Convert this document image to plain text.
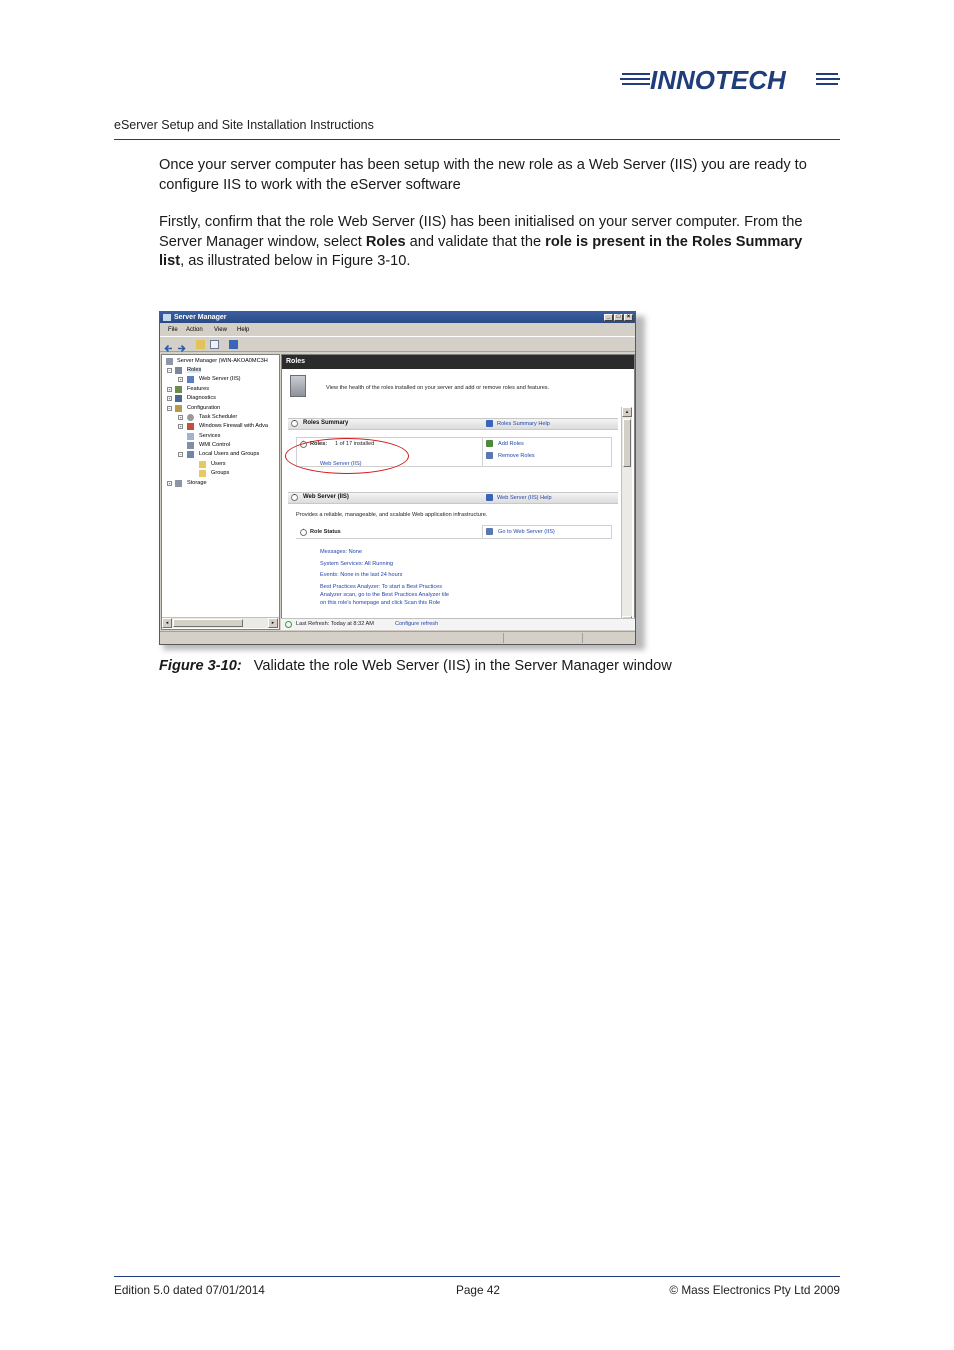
INNOTECH
eServer Setup and Site Installation Instructions
Once your server computer has been setup with the new role as a Web Server (IIS) you are ready to
configure IIS to work with the eServer software
Firstly, confirm that the role Web Server (IIS) has been initialised on your server computer. From the
Server Manager window, select Roles and validate that the role is present in the Roles Summary
list, as illustrated below in Figure 3-10.
Server Manager	_	□	×
File Action View Help
Server Manager (WIN-AKOA0MC3H
−	Roles
+	Web Server (IIS)
+	Features
+	Diagnostics
−	Configuration
+	Task Scheduler
+	Windows Firewall with Adva
Services
WMI Control
−	Local Users and Groups
Users
Groups
+	Storage
◂	▸
Roles
View the health of the roles installed on your server and add or remove roles and features.
ˆ	Roles Summary	Roles Summary Help
ˆ	Roles: 1 of 17 installed
Web Server (IIS)
Add Roles
Remove Roles
ˆ	Web Server (IIS)	Web Server (IIS) Help
Provides a reliable, manageable, and scalable Web application infrastructure.
ˆ	Role Status	Go to Web Server (IIS)
Messages: None
System Services: All Running
Events: None in the last 24 hours
Best Practices Analyzer: To start a Best Practices
Analyzer scan, go to the Best Practices Analyzer tile
on this role's homepage and click Scan this Role
▴
Last Refresh: Today at 8:32 AM	Configure refresh
Figure 3-10: Validate the role Web Server (IIS) in the Server Manager window
Edition 5.0 dated 07/01/2014	Page 42	© Mass Electronics Pty Ltd 2009
